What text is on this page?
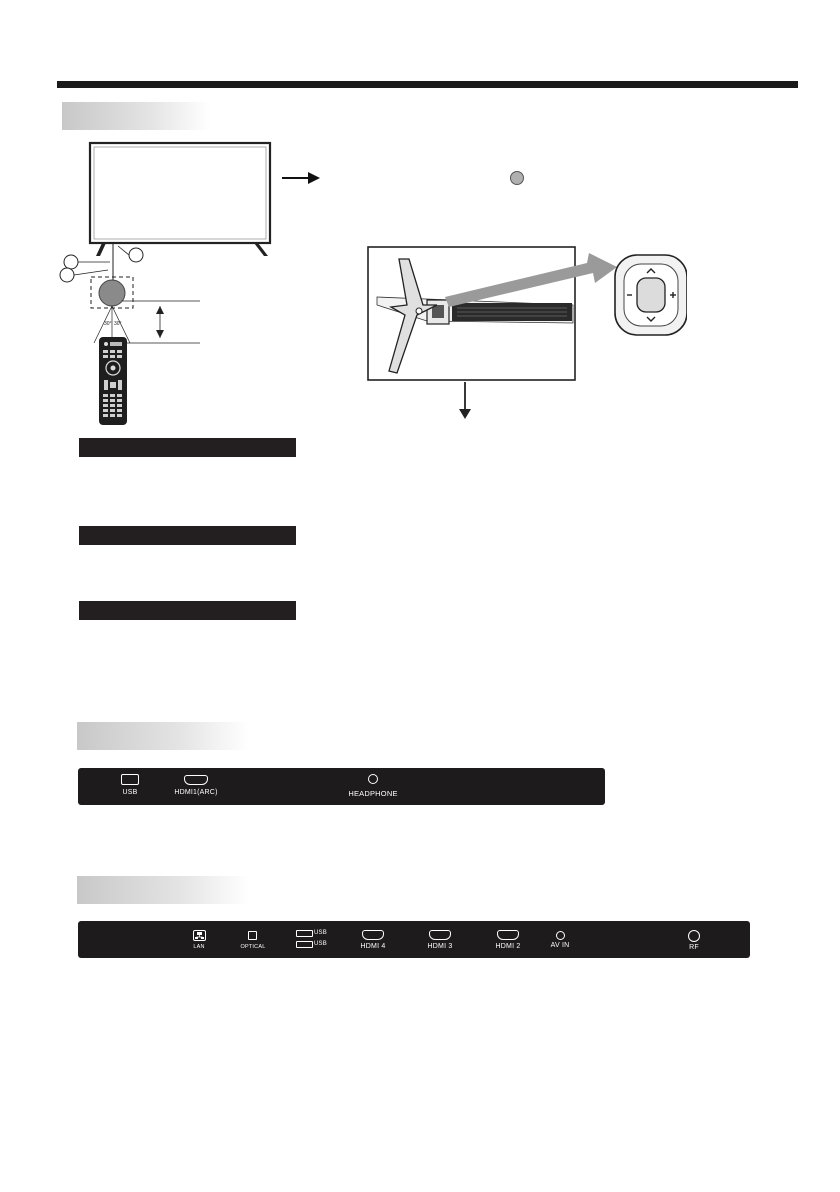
30° 30°
USB	HDMI1(ARC)	HEADPHONE
LAN	OPTICAL
USB
USB	HDMI 4	HDMI 3	HDMI 2	AV IN	RF
